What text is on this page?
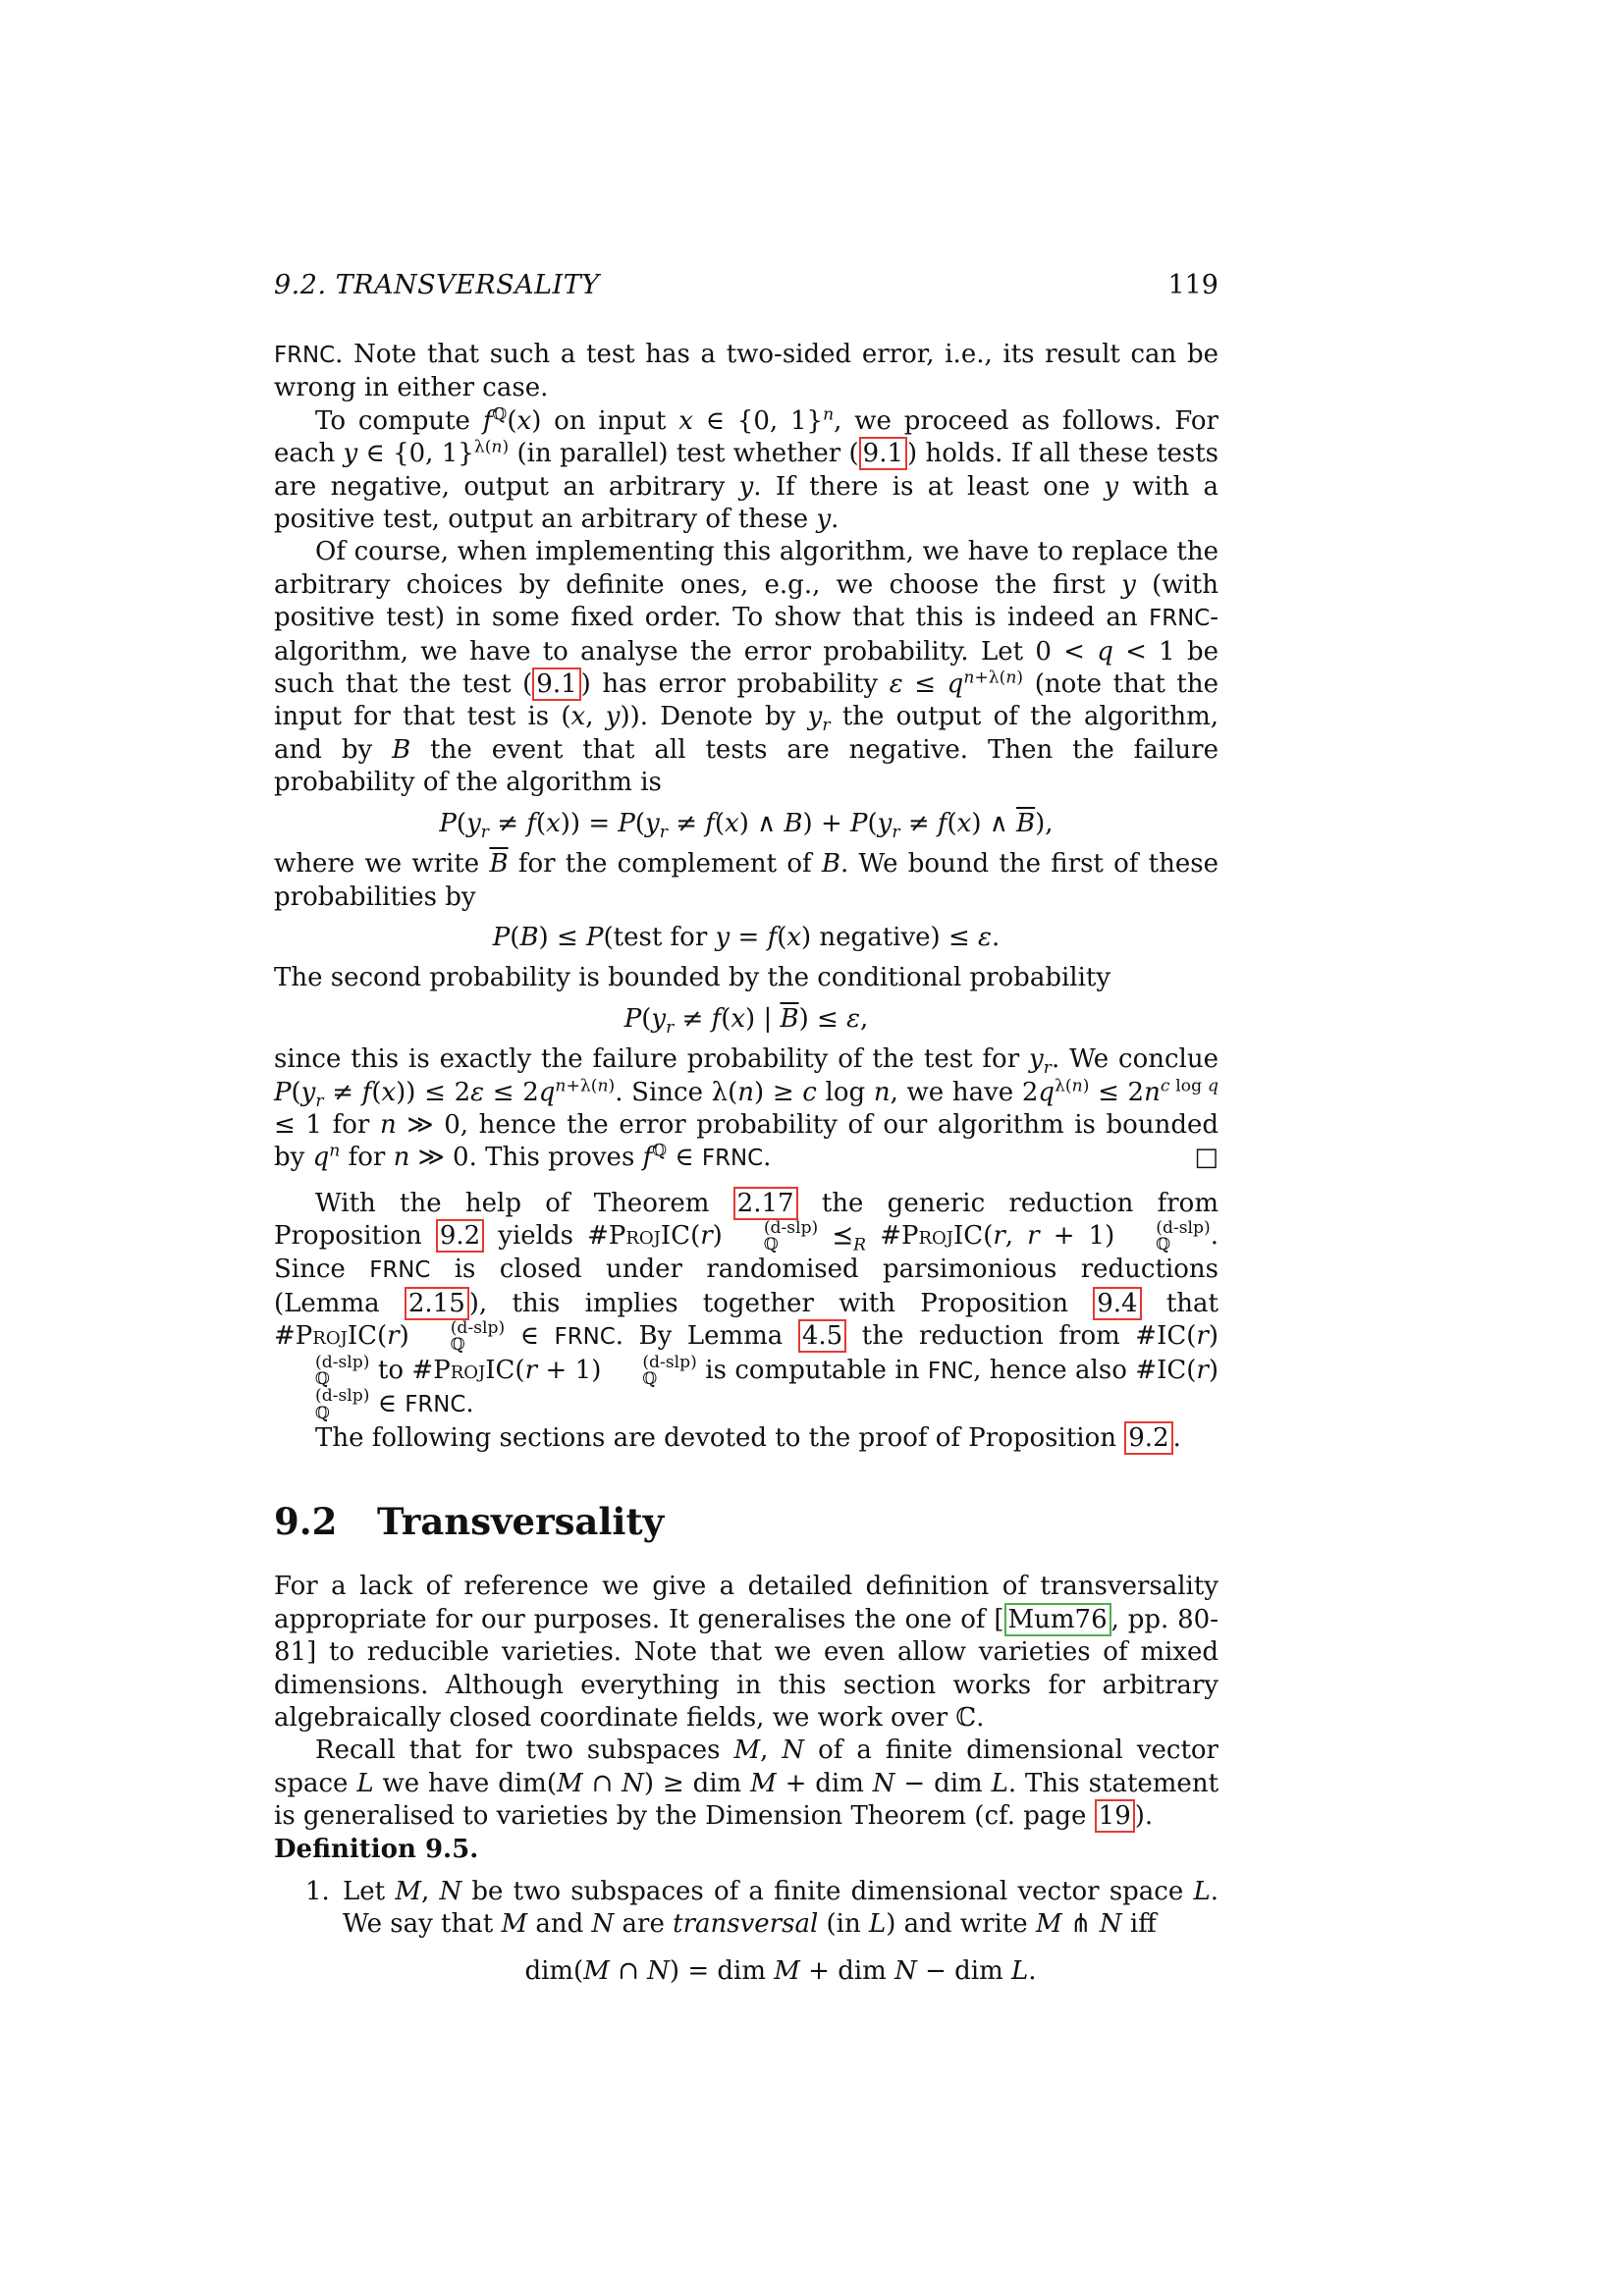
9.2. TRANSVERSALITY	119

FRNC. Note that such a test has a two-sided error, i.e., its result can be wrong in either case.

To compute $f^ℚ(x)$ on input x ∈ {0, 1}$^n$, we proceed as follows. For each y ∈ {0, 1}$^{\lambda(n)}$ (in parallel) test whether ( 9.1 ) holds. If all these tests are negative, output an arbitrary y. If there is at least one y with a positive test, output an arbitrary of these y.

Of course, when implementing this algorithm, we have to replace the arbitrary choices by definite ones, e.g., we choose the first y (with positive test) in some fixed order. To show that this is indeed an FRNC-algorithm, we have to analyse the error probability. Let 0 < q < 1 be such that the test ( 9.1 ) has error probability $\varepsilon \le q^{n+\lambda(n)}$ (note that the input for that test is (x, y)). Denote by $y_r$ the output of the algorithm, and by B the event that all tests are negative. Then the failure probability of the algorithm is

$P(y_r \ne f(x)) = P(y_r \ne f(x)$ ∧ $B) + P(y_r \ne f(x)$ ∧ $\overline{B}$),

where we write $\overline{B}$ for the complement of B. We bound the first of these probabilities by

P(B) ≤ P(test for y = f(x) negative) ≤ ε.

The second probability is bounded by the conditional probability

$P(y_r \ne f(x)$ | $\overline{B}) \le \varepsilon$,

since this is exactly the failure probability of the test for $y_r$. We conclue $P(y_r \ne f(x)) \le 2\varepsilon \le 2q^{n+\lambda(n)}$. Since λ(n) ≥ c log n, we have $2q^{\lambda(n)} \le 2n^{c log q} \le 1$ for n ≫ 0, hence the error probability of our algorithm is bounded by $q^n$ for n ≫ 0. This proves $f^ℚ$ ∈ FRNC.	□

With the help of Theorem 2.17 the generic reduction from Proposition 9.2 yields #ProjIC(r)	(d-slp)
ℚ	$⪯_R$ #ProjIC(r, r + 1)	(d-slp)
ℚ	. Since FRNC is closed under randomised parsimonious reductions (Lemma 2.15 ), this implies together with Proposition 9.4 that #ProjIC(r)	(d-slp)
ℚ	∈ FRNC. By Lemma 4.5 the reduction from #IC(r)
(d-slp)
ℚ	to #ProjIC(r + 1)	(d-slp)
ℚ	is computable in FNC, hence also #IC(r)
(d-slp)
ℚ	∈ FRNC.

The following sections are devoted to the proof of Proposition 9.2 .

9.2 Transversality

For a lack of reference we give a detailed definition of transversality appropriate for our purposes. It generalises the one of [ Mum76 , pp. 80-81] to reducible varieties. Note that we even allow varieties of mixed dimensions. Although everything in this section works for arbitrary algebraically closed coordinate fields, we work over ℂ.

Recall that for two subspaces M, N of a finite dimensional vector space L we have dim(M ∩ N) ≥ dim M + dim N − dim L. This statement is generalised to varieties by the Dimension Theorem (cf. page 19 ).

Definition 9.5.

1. Let M, N be two subspaces of a finite dimensional vector space L. We say that M and N are transversal (in L) and write M ⋔ N iff

dim(M ∩ N) = dim M + dim N − dim L.
